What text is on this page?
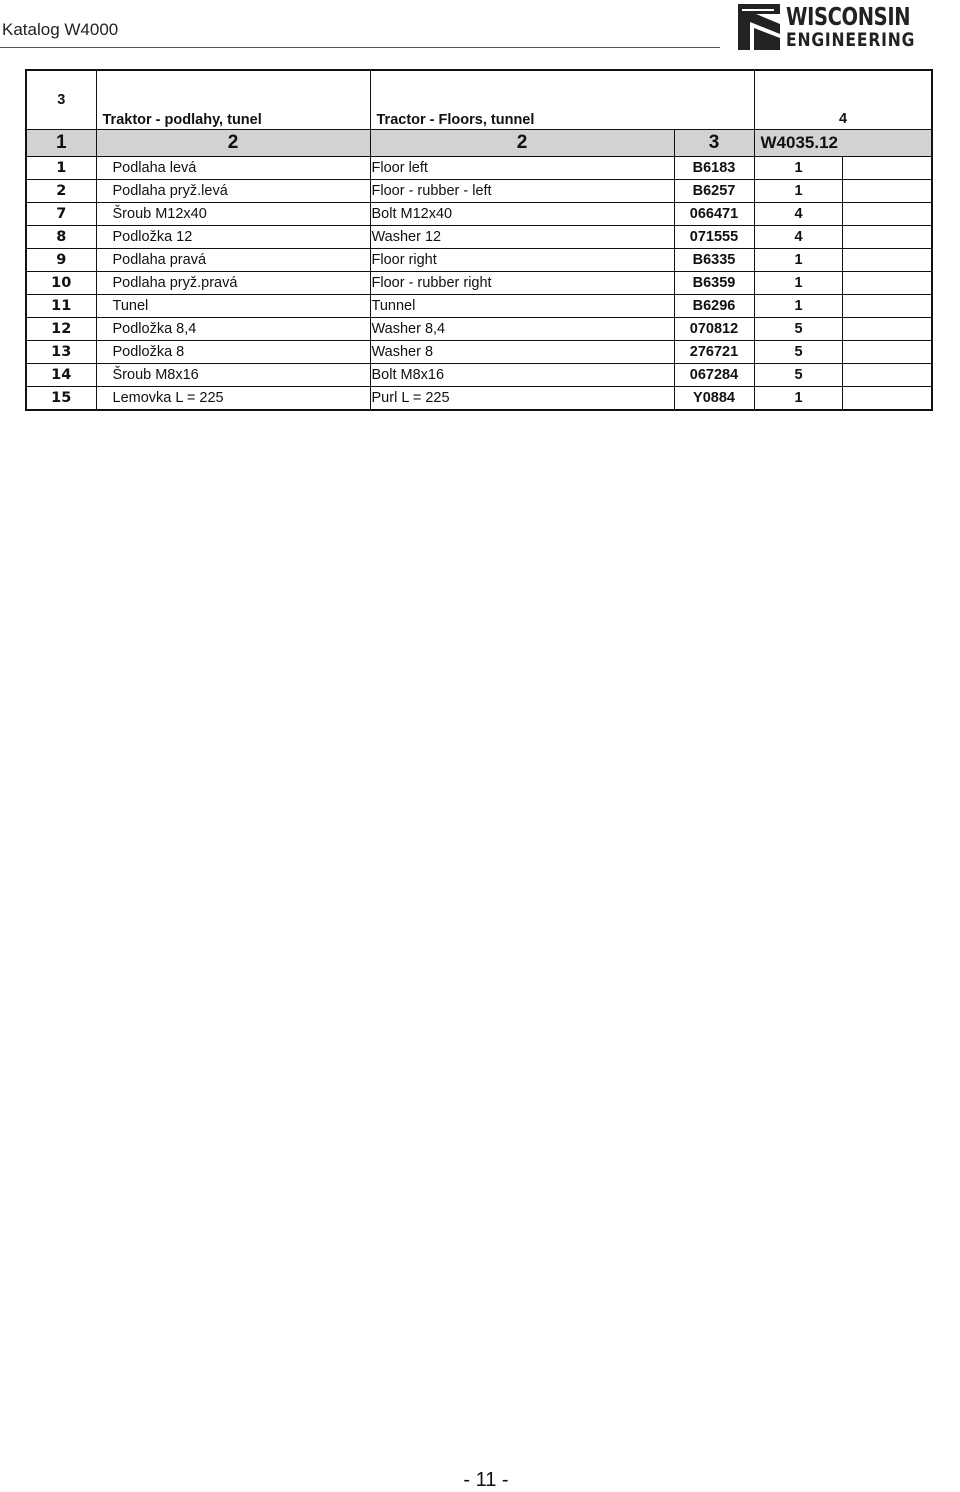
Katalog W4000	WISCONSIN
ENGINEERING
3	Traktor - podlahy, tunel	Tractor - Floors, tunnel		4	
1	2	2	3	W4035.12	
1	Podlaha levá	Floor left	B6183	1	
2	Podlaha pryž.levá	Floor - rubber - left	B6257	1	
7	Šroub M12x40	Bolt M12x40	066471	4	
8	Podložka 12	Washer 12	071555	4	
9	Podlaha pravá	Floor right	B6335	1	
10	Podlaha pryž.pravá	Floor - rubber right	B6359	1	
11	Tunel	Tunnel	B6296	1	
12	Podložka 8,4	Washer 8,4	070812	5	
13	Podložka 8	Washer 8	276721	5	
14	Šroub M8x16	Bolt M8x16	067284	5	
15	Lemovka L = 225	Purl L = 225	Y0884	1	
- 11 -
